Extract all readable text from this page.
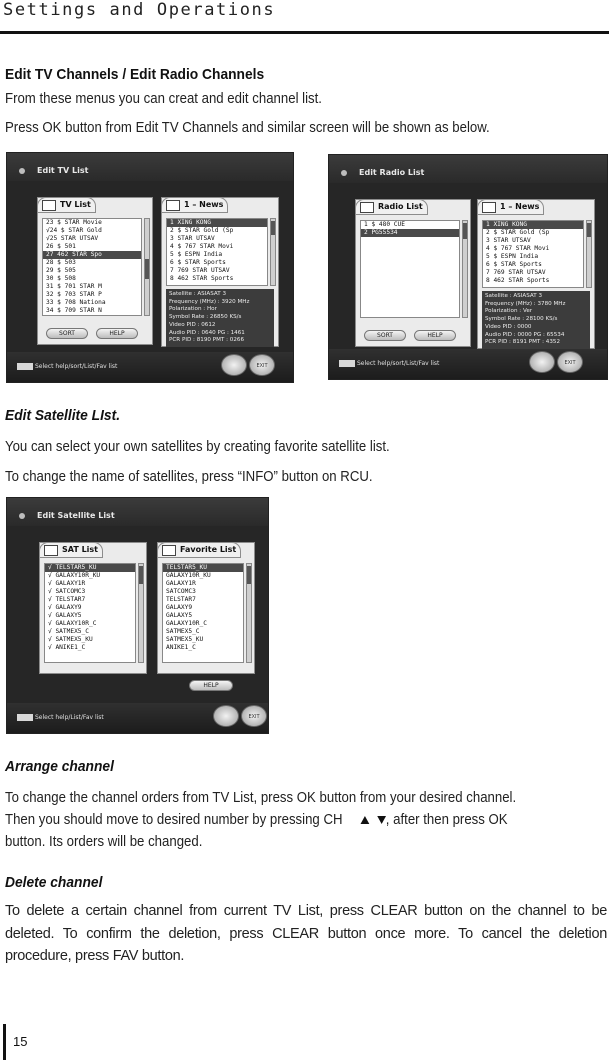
Settings and Operations
Edit TV Channels / Edit Radio Channels
From these menus you can creat and edit channel list.
Press OK button from Edit TV Channels and similar screen will be shown as below.
Edit TV List
TV List
23 $ STAR Movie
√24 $ STAR Gold
√25 STAR UTSAV
26 $ 501
27 462 STAR Spo
28 $ 503
29 $ 505
30 $ 508
31 $ 701 STAR M
32 $ 703 STAR P
33 $ 708 Nationa
34 $ 709 STAR N
SORT	HELP
1 – News
1 XING KONG
2 $ STAR Gold (Sp
3 STAR UTSAV
4 $ 767 STAR Movi
5 $ ESPN India
6 $ STAR Sports
7 769 STAR UTSAV
8 462 STAR Sports
Satellite : ASIASAT 3
Frequency (MHz) : 3920 MHz
Polarization : Hor
Symbol Rate : 26850 KS/s
Video PID : 0612
Audio PID : 0640 PG : 1461
PCR PID : 8190 PMT : 0266
Select help/sort/List/Fav list	EXIT
Edit Radio List
Radio List
1 $ 480 CUE
2 PG55534
SORT	HELP
1 – News
1 XING KONG
2 $ STAR Gold (Sp
3 STAR UTSAV
4 $ 767 STAR Movi
5 $ ESPN India
6 $ STAR Sports
7 769 STAR UTSAV
8 462 STAR Sports
Satellite : ASIASAT 3
Frequency (MHz) : 3780 MHz
Polarization : Ver
Symbol Rate : 28100 KS/s
Video PID : 0000
Audio PID : 0000 PG : 65534
PCR PID : 8191 PMT : 4352
Select help/sort/List/Fav list	EXIT
Edit Satellite LIst.
You can select your own satellites by creating favorite satellite list.
To change the name of satellites, press “INFO” button on RCU.
Edit Satellite List
SAT List
√ TELSTAR5_KU
√ GALAXY10R_KU
√ GALAXY1R
√ SATCOMC3
√ TELSTAR7
√ GALAXY9
√ GALAXY5
√ GALAXY10R_C
√ SATMEX5_C
√ SATMEX5_KU
√ ANIKE1_C
Favorite List
TELSTAR5_KU
GALAXY10R_KU
GALAXY1R
SATCOMC3
TELSTAR7
GALAXY9
GALAXY5
GALAXY10R_C
SATMEX5_C
SATMEX5_KU
ANIKE1_C
HELP
Select help/List/Fav list	EXIT
Arrange channel
To change the channel orders from TV List, press OK button from your desired channel.
Then you should move to desired number by pressing CH	, after then press OK
button. Its orders will be changed.
Delete channel
To delete a certain channel from current TV List, press CLEAR button on the channel to be deleted. To confirm the deletion, press CLEAR button once more. To cancel the deletion procedure, press FAV button.
15
